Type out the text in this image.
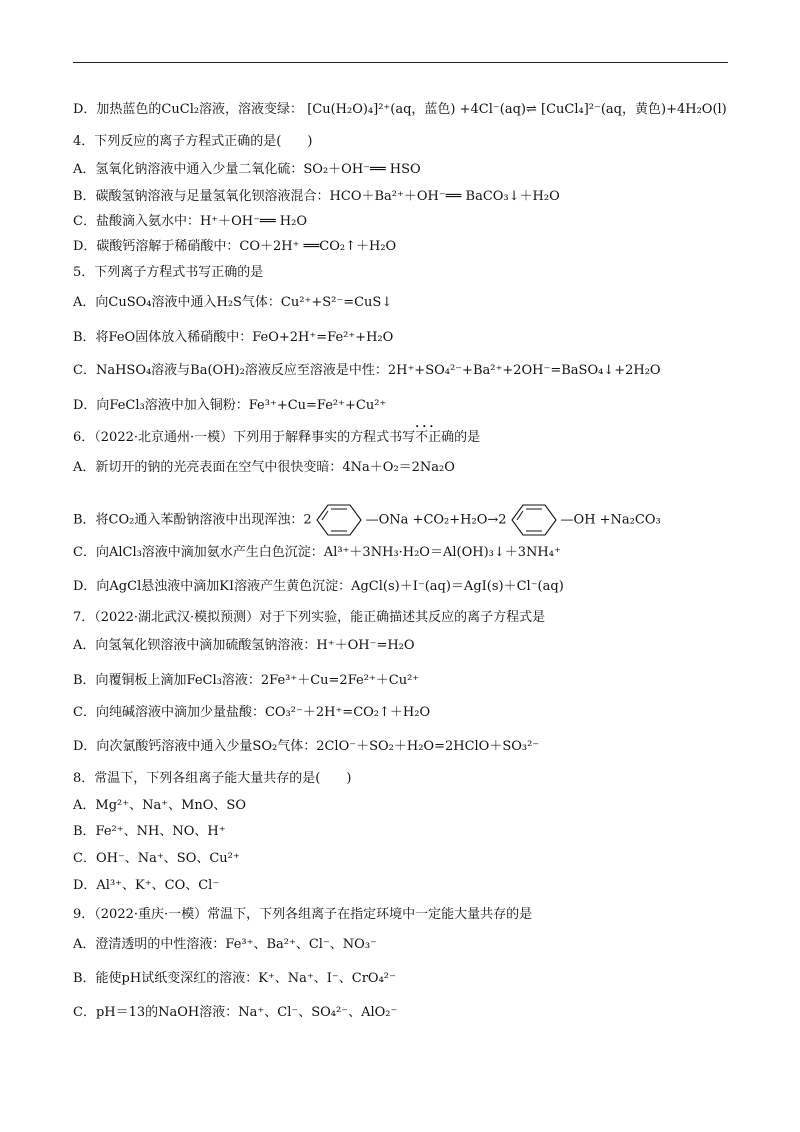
D．加热蓝色的CuCl₂溶液，溶液变绿： [Cu(H₂O)₄]²⁺(aq，蓝色) +4Cl⁻(aq)⇌ [CuCl₄]²⁻(aq，黄色)+4H₂O(l)
4．下列反应的离子方程式正确的是(　　)
A．氢氧化钠溶液中通入少量二氧化硫：SO₂＋OH⁻══ HSO
B．碳酸氢钠溶液与足量氢氧化钡溶液混合：HCO＋Ba²⁺＋OH⁻══ BaCO₃↓＋H₂O
C．盐酸滴入氨水中：H⁺＋OH⁻══ H₂O
D．碳酸钙溶解于稀硝酸中：CO＋2H⁺ ══CO₂↑＋H₂O
5．下列离子方程式书写正确的是
A．向CuSO₄溶液中通入H₂S气体：Cu²⁺+S²⁻=CuS↓
B．将FeO固体放入稀硝酸中：FeO+2H⁺=Fe²⁺+H₂O
C．NaHSO₄溶液与Ba(OH)₂溶液反应至溶液是中性：2H⁺+SO₄²⁻+Ba²⁺+2OH⁻=BaSO₄↓+2H₂O
D．向FeCl₃溶液中加入铜粉：Fe³⁺+Cu=Fe²⁺+Cu²⁺
6．（2022·北京通州·一模）下列用于解释事实的方程式书写••• 不正确的是
A．新切开的钠的光亮表面在空气中很快变暗：4Na＋O₂＝2Na₂O
B．将CO₂通入苯酚钠溶液中出现浑浊：2	—ONa +CO₂+H₂O→2	—OH +Na₂CO₃
C．向AlCl₃溶液中滴加氨水产生白色沉淀：Al³⁺＋3NH₃·H₂O＝Al(OH)₃↓＋3NH₄⁺
D．向AgCl悬浊液中滴加KI溶液产生黄色沉淀：AgCl(s)＋I⁻(aq)＝AgI(s)＋Cl⁻(aq)
7．（2022·湖北武汉·模拟预测）对于下列实验，能正确描述其反应的离子方程式是
A．向氢氧化钡溶液中滴加硫酸氢钠溶液：H⁺＋OH⁻=H₂O
B．向覆铜板上滴加FeCl₃溶液：2Fe³⁺＋Cu=2Fe²⁺＋Cu²⁺
C．向纯碱溶液中滴加少量盐酸：CO₃²⁻＋2H⁺=CO₂↑＋H₂O
D．向次氯酸钙溶液中通入少量SO₂气体：2ClO⁻＋SO₂＋H₂O=2HClO＋SO₃²⁻
8．常温下，下列各组离子能大量共存的是(　　)
A．Mg²⁺、Na⁺、MnO、SO
B．Fe²⁺、NH、NO、H⁺
C．OH⁻、Na⁺、SO、Cu²⁺
D．Al³⁺、K⁺、CO、Cl⁻
9．（2022·重庆·一模）常温下，下列各组离子在指定环境中一定能大量共存的是
A．澄清透明的中性溶液：Fe³⁺、Ba²⁺、Cl⁻、NO₃⁻
B．能使pH试纸变深红的溶液：K⁺、Na⁺、I⁻、CrO₄²⁻
C．pH＝13的NaOH溶液：Na⁺、Cl⁻、SO₄²⁻、AlO₂⁻
